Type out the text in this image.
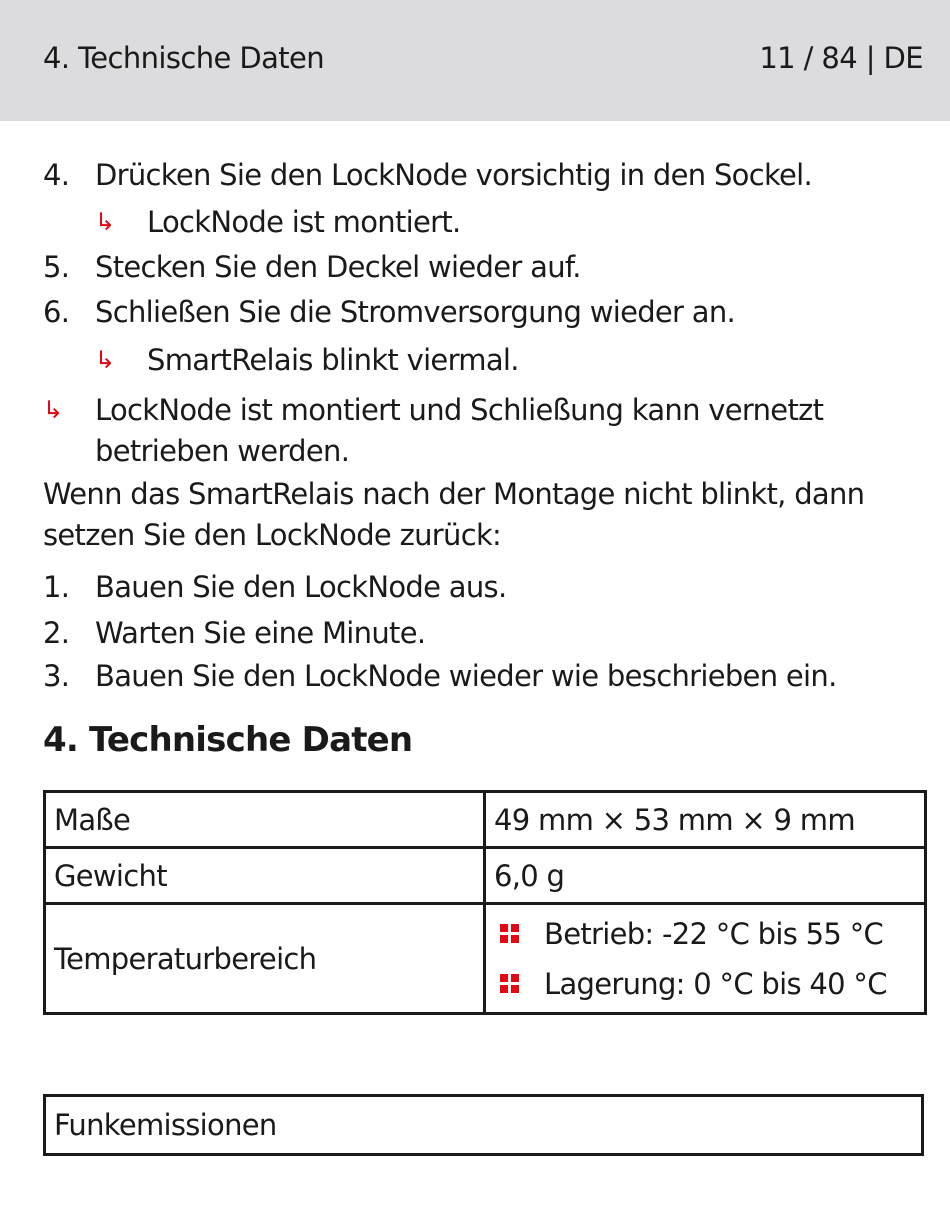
4. Technische Daten	11 / 84 | DE
4. Drücken Sie den LockNode vorsichtig in den Sockel.
↳ LockNode ist montiert.
5. Stecken Sie den Deckel wieder auf.
6. Schließen Sie die Stromversorgung wieder an.
↳ SmartRelais blinkt viermal.
↳ LockNode ist montiert und Schließung kann vernetzt
betrieben werden.
Wenn das SmartRelais nach der Montage nicht blinkt, dann
setzen Sie den LockNode zurück:
1. Bauen Sie den LockNode aus.
2. Warten Sie eine Minute.
3. Bauen Sie den LockNode wieder wie beschrieben ein.
4. Technische Daten
Maße	49 mm × 53 mm × 9 mm
Gewicht	6,0 g
Temperaturbereich	Betrieb: -22 °C bis 55 °C
Lagerung: 0 °C bis 40 °C
Funkemissionen
